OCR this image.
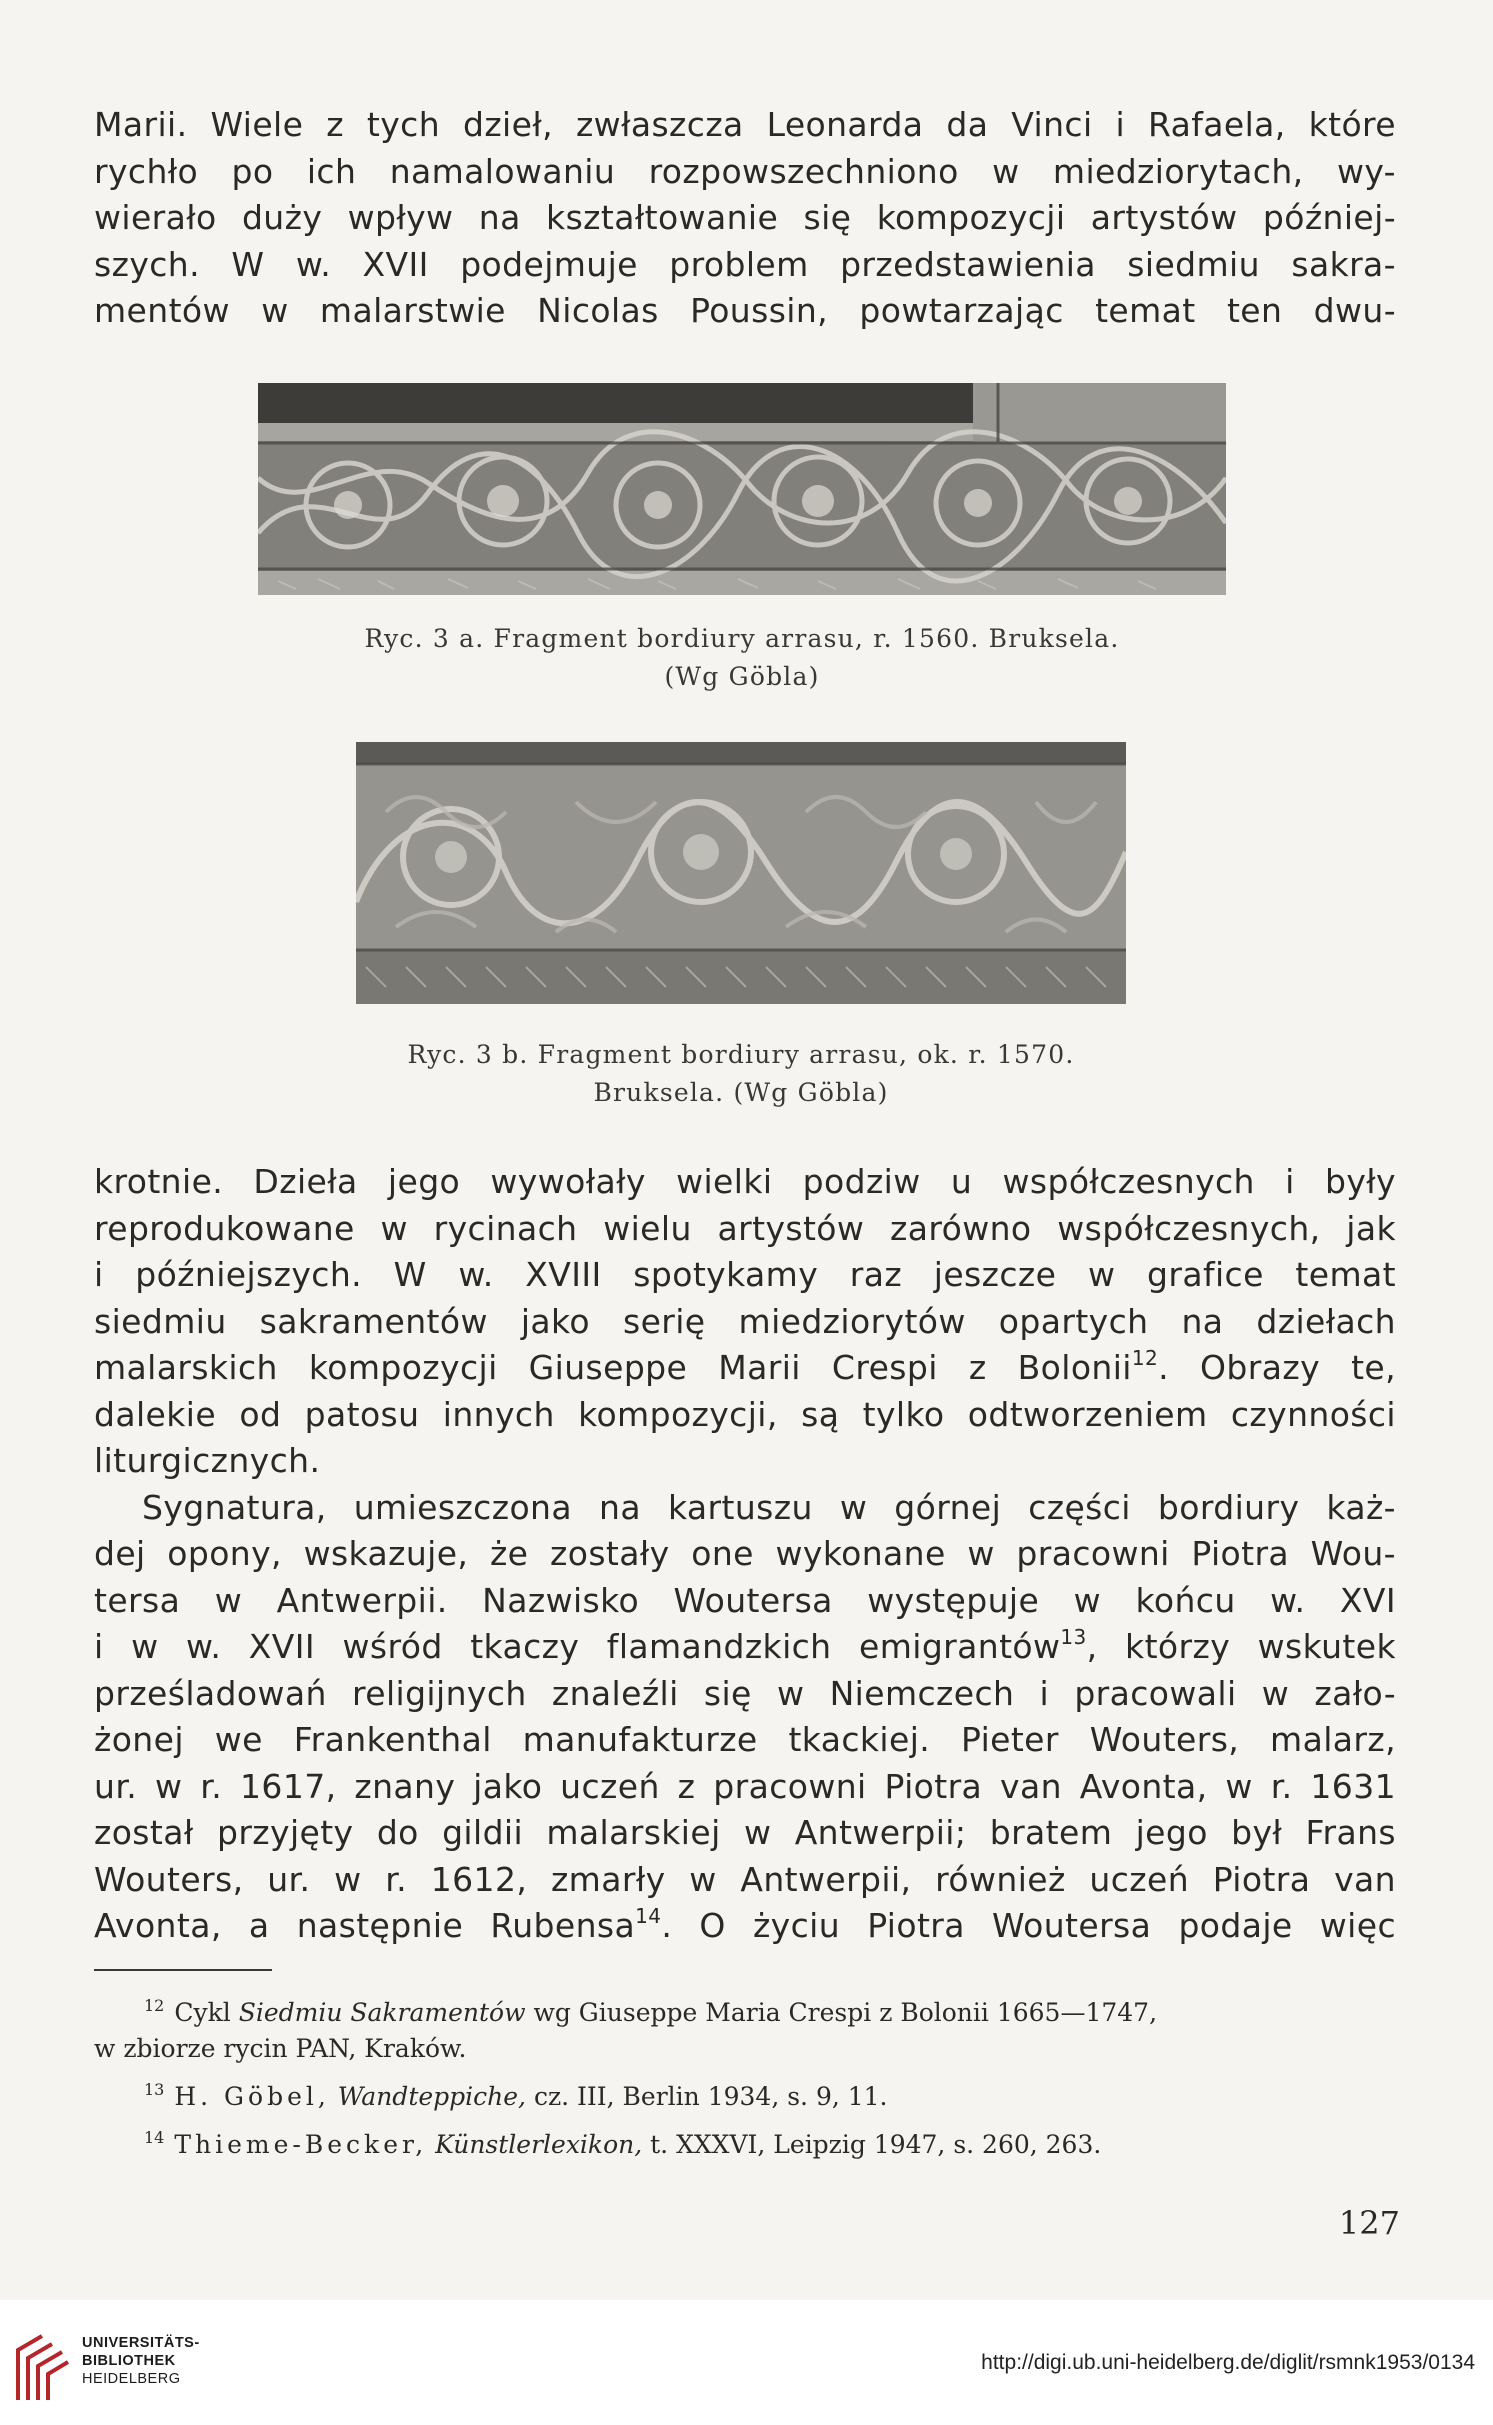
Marii. Wiele z tych dzieł, zwłaszcza Leonarda da Vinci i Rafaela, które
rychło po ich namalowaniu rozpowszechniono w miedziorytach, wy-
wierało duży wpływ na kształtowanie się kompozycji artystów później-
szych. W w. XVII podejmuje problem przedstawienia siedmiu sakra-
mentów w malarstwie Nicolas Poussin, powtarzając temat ten dwu-
Ryc. 3 a. Fragment bordiury arrasu, r. 1560. Bruksela.
(Wg Göbla)
Ryc. 3 b. Fragment bordiury arrasu, ok. r. 1570.
Bruksela. (Wg Göbla)
krotnie. Dzieła jego wywołały wielki podziw u współczesnych i były
reprodukowane w rycinach wielu artystów zarówno współczesnych, jak
i późniejszych. W w. XVIII spotykamy raz jeszcze w grafice temat
siedmiu sakramentów jako serię miedziorytów opartych na dziełach
malarskich kompozycji Giuseppe Marii Crespi z Bolonii$^{12}$. Obrazy te,
dalekie od patosu innych kompozycji, są tylko odtworzeniem czynności
liturgicznych.
Sygnatura, umieszczona na kartuszu w górnej części bordiury każ-
dej opony, wskazuje, że zostały one wykonane w pracowni Piotra Wou-
tersa w Antwerpii. Nazwisko Woutersa występuje w końcu w. XVI
i w w. XVII wśród tkaczy flamandzkich emigrantów$^{13}$, którzy wskutek
prześladowań religijnych znaleźli się w Niemczech i pracowali w zało-
żonej we Frankenthal manufakturze tkackiej. Pieter Wouters, malarz,
ur. w r. 1617, znany jako uczeń z pracowni Piotra van Avonta, w r. 1631
został przyjęty do gildii malarskiej w Antwerpii; bratem jego był Frans
Wouters, ur. w r. 1612, zmarły w Antwerpii, również uczeń Piotra van
Avonta, a następnie Rubensa$^{14}$. O życiu Piotra Woutersa podaje więc
$^{12}$ Cykl Siedmiu Sakramentów wg Giuseppe Maria Crespi z Bolonii 1665—1747,
w zbiorze rycin PAN, Kraków.
$^{13}$ H. Göbel, Wandteppiche, cz. III, Berlin 1934, s. 9, 11.
$^{14}$ Thieme-Becker, Künstlerlexikon, t. XXXVI, Leipzig 1947, s. 260, 263.
127
UNIVERSITÄTS-
BIBLIOTHEK
HEIDELBERG
http://digi.ub.uni-heidelberg.de/diglit/rsmnk1953/0134
